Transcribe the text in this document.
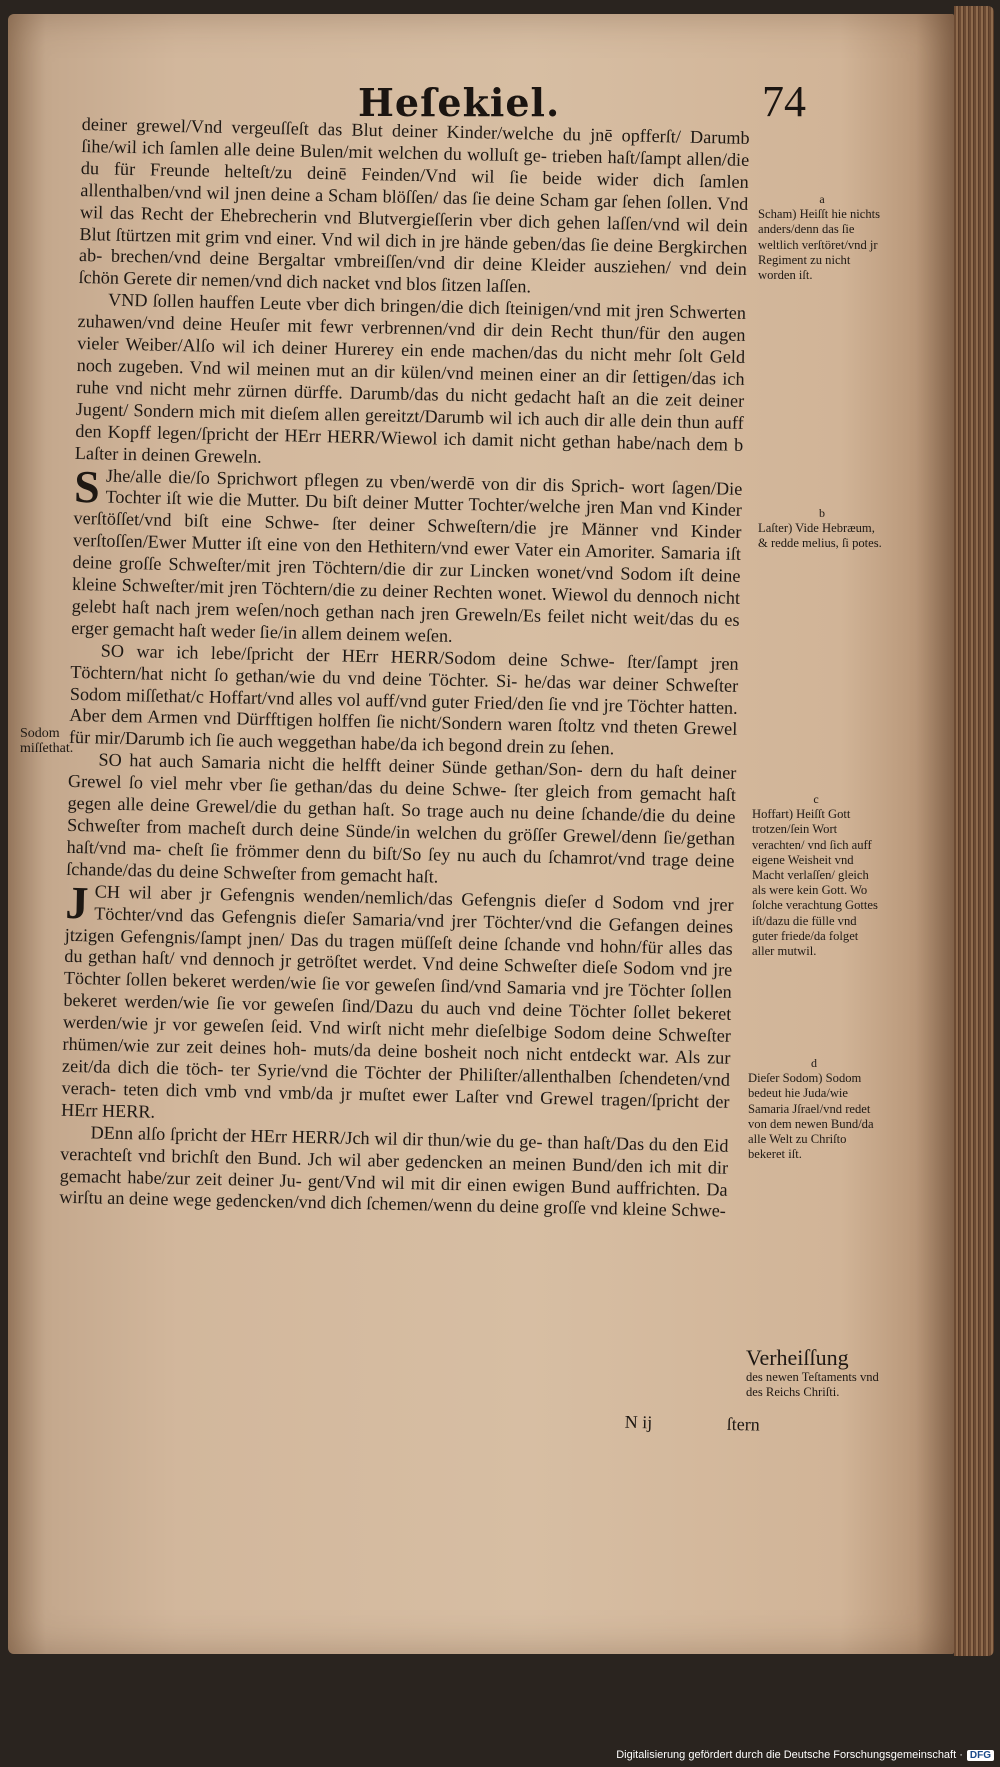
Heſekiel.	74

deiner grewel/Vnd vergeuſſeſt das Blut deiner Kinder/welche du jnē opfferſt/ Darumb ſihe/wil ich ſamlen alle deine Bulen/mit welchen du wolluſt ge- trieben haſt/ſampt allen/die du für Freunde helteſt/zu deinē Feinden/Vnd wil ſie beide wider dich ſamlen allenthalben/vnd wil jnen deine a Scham blöſſen/ das ſie deine Scham gar ſehen ſollen. Vnd wil das Recht der Ehebrecherin vnd Blutvergieſſerin vber dich gehen laſſen/vnd wil dein Blut ſtürtzen mit grim vnd einer. Vnd wil dich in jre hände geben/das ſie deine Bergkirchen ab- brechen/vnd deine Bergaltar vmbreiſſen/vnd dir deine Kleider ausziehen/ vnd dein ſchön Gerete dir nemen/vnd dich nacket vnd blos ſitzen laſſen.

VND ſollen hauffen Leute vber dich bringen/die dich ſteinigen/vnd mit jren Schwerten zuhawen/vnd deine Heuſer mit fewr verbrennen/vnd dir dein Recht thun/für den augen vieler Weiber/Alſo wil ich deiner Hurerey ein ende machen/das du nicht mehr ſolt Geld noch zugeben. Vnd wil meinen mut an dir külen/vnd meinen einer an dir ſettigen/das ich ruhe vnd nicht mehr zürnen dürffe. Darumb/das du nicht gedacht haſt an die zeit deiner Jugent/ Sondern mich mit dieſem allen gereitzt/Darumb wil ich auch dir alle dein thun auff den Kopff legen/ſpricht der HErr HERR/Wiewol ich damit nicht gethan habe/nach dem b Laſter in deinen Greweln.

SJhe/alle die/ſo Sprichwort pflegen zu vben/werdē von dir dis Sprich- wort ſagen/Die Tochter iſt wie die Mutter. Du biſt deiner Mutter Tochter/welche jren Man vnd Kinder verſtöſſet/vnd biſt eine Schwe- ſter deiner Schweſtern/die jre Männer vnd Kinder verſtoſſen/Ewer Mutter iſt eine von den Hethitern/vnd ewer Vater ein Amoriter. Samaria iſt deine groſſe Schweſter/mit jren Töchtern/die dir zur Lincken wonet/vnd Sodom iſt deine kleine Schweſter/mit jren Töchtern/die zu deiner Rechten wonet. Wiewol du dennoch nicht gelebt haſt nach jrem weſen/noch gethan nach jren Greweln/Es feilet nicht weit/das du es erger gemacht haſt weder ſie/in allem deinem weſen.

SO war ich lebe/ſpricht der HErr HERR/Sodom deine Schwe- ſter/ſampt jren Töchtern/hat nicht ſo gethan/wie du vnd deine Töchter. Si- he/das war deiner Schweſter Sodom miſſethat/c Hoffart/vnd alles vol auff/vnd guter Fried/den ſie vnd jre Töchter hatten. Aber dem Armen vnd Dürfftigen holffen ſie nicht/Sondern waren ſtoltz vnd theten Grewel für mir/Darumb ich ſie auch weggethan habe/da ich begond drein zu ſehen.

SO hat auch Samaria nicht die helfft deiner Sünde gethan/Son- dern du haſt deiner Grewel ſo viel mehr vber ſie gethan/das du deine Schwe- ſter gleich from gemacht haſt gegen alle deine Grewel/die du gethan haſt. So trage auch nu deine ſchande/die du deine Schweſter from macheſt durch deine Sünde/in welchen du gröſſer Grewel/denn ſie/gethan haſt/vnd ma- cheſt ſie frömmer denn du biſt/So ſey nu auch du ſchamrot/vnd trage deine ſchande/das du deine Schweſter from gemacht haſt.

JCH wil aber jr Gefengnis wenden/nemlich/das Gefengnis dieſer d Sodom vnd jrer Töchter/vnd das Gefengnis dieſer Samaria/vnd jrer Töchter/vnd die Gefangen deines jtzigen Gefengnis/ſampt jnen/ Das du tragen müſſeſt deine ſchande vnd hohn/für alles das du gethan haſt/ vnd dennoch jr getröſtet werdet. Vnd deine Schweſter dieſe Sodom vnd jre Töchter ſollen bekeret werden/wie ſie vor geweſen ſind/vnd Samaria vnd jre Töchter ſollen bekeret werden/wie ſie vor geweſen ſind/Dazu du auch vnd deine Töchter ſollet bekeret werden/wie jr vor geweſen ſeid. Vnd wirſt nicht mehr dieſelbige Sodom deine Schweſter rhümen/wie zur zeit deines hoh- muts/da deine bosheit noch nicht entdeckt war. Als zur zeit/da dich die töch- ter Syrie/vnd die Töchter der Philiſter/allenthalben ſchendeten/vnd verach- teten dich vmb vnd vmb/da jr muſtet ewer Laſter vnd Grewel tragen/ſpricht der HErr HERR.

DEnn alſo ſpricht der HErr HERR/Jch wil dir thun/wie du ge- than haſt/Das du den Eid verachteſt vnd brichſt den Bund. Jch wil aber gedencken an meinen Bund/den ich mit dir gemacht habe/zur zeit deiner Ju- gent/Vnd wil mit dir einen ewigen Bund auffrichten. Da wirſtu an deine wege gedencken/vnd dich ſchemen/wenn du deine groſſe vnd kleine Schwe-

N ij	ſtern
Sodom miſſethat.
a
Scham) Heiſſt hie nichts anders/denn das ſie weltlich verſtöret/vnd jr Regiment zu nicht worden iſt.
b
Laſter) Vide Hebræum, & redde melius, ſi potes.
c
Hoffart) Heiſſt Gott trotzen/ſein Wort verachten/ vnd ſich auff eigene Weisheit vnd Macht verlaſſen/ gleich als were kein Gott. Wo ſolche verachtung Gottes iſt/dazu die fülle vnd guter friede/da folget aller mutwil.
d
Dieſer Sodom) Sodom bedeut hie Juda/wie Samaria Jſrael/vnd redet von dem newen Bund/da alle Welt zu Chriſto bekeret iſt.
Verheiſſung
des newen Teſtaments vnd des Reichs Chriſti.
Digitalisierung gefördert durch die Deutsche Forschungsgemeinschaft · DFG
